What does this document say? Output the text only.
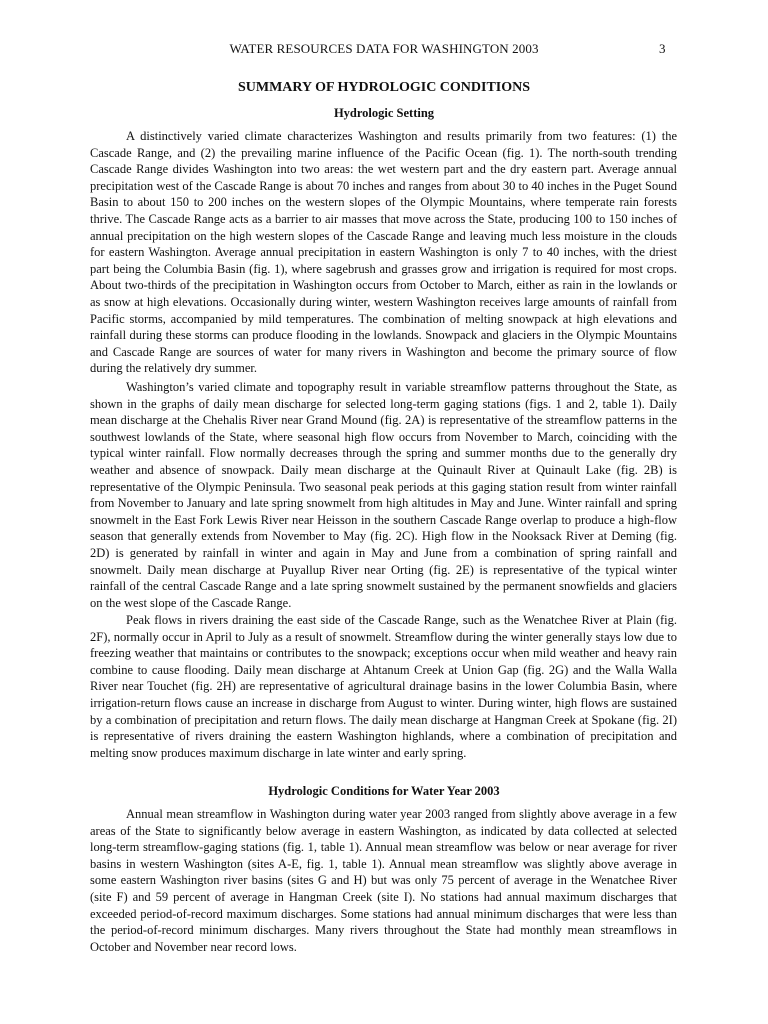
WATER RESOURCES DATA FOR WASHINGTON 2003	3
SUMMARY OF HYDROLOGIC CONDITIONS
Hydrologic Setting

A distinctively varied climate characterizes Washington and results primarily from two features: (1) the Cascade Range, and (2) the prevailing marine influence of the Pacific Ocean (fig. 1). The north-south trending Cascade Range divides Washington into two areas: the wet western part and the dry eastern part. Average annual precipitation west of the Cascade Range is about 70 inches and ranges from about 30 to 40 inches in the Puget Sound Basin to about 150 to 200 inches on the western slopes of the Olympic Mountains, where temperate rain forests thrive. The Cascade Range acts as a barrier to air masses that move across the State, producing 100 to 150 inches of annual precipitation on the high western slopes of the Cascade Range and leaving much less moisture in the clouds for eastern Washington. Average annual precipitation in eastern Washington is only 7 to 40 inches, with the driest part being the Columbia Basin (fig. 1), where sagebrush and grasses grow and irrigation is required for most crops. About two-thirds of the precipitation in Washington occurs from October to March, either as rain in the lowlands or as snow at high elevations. Occasionally during winter, western Washington receives large amounts of rainfall from Pacific storms, accompanied by mild temperatures. The combination of melting snowpack at high elevations and rainfall during these storms can produce flooding in the lowlands. Snowpack and glaciers in the Olympic Mountains and Cascade Range are sources of water for many rivers in Washington and become the primary source of flow during the relatively dry summer.

Washington’s varied climate and topography result in variable streamflow patterns throughout the State, as shown in the graphs of daily mean discharge for selected long-term gaging stations (figs. 1 and 2, table 1). Daily mean discharge at the Chehalis River near Grand Mound (fig. 2A) is representative of the streamflow patterns in the southwest lowlands of the State, where seasonal high flow occurs from November to March, coinciding with the typical winter rainfall. Flow normally decreases through the spring and summer months due to the generally dry weather and absence of snowpack. Daily mean discharge at the Quinault River at Quinault Lake (fig. 2B) is representative of the Olympic Peninsula. Two seasonal peak periods at this gaging station result from winter rainfall from November to January and late spring snowmelt from high altitudes in May and June. Winter rainfall and spring snowmelt in the East Fork Lewis River near Heisson in the southern Cascade Range overlap to produce a high-flow season that generally extends from November to May (fig. 2C). High flow in the Nooksack River at Deming (fig. 2D) is generated by rainfall in winter and again in May and June from a combination of spring rainfall and snowmelt. Daily mean discharge at Puyallup River near Orting (fig. 2E) is representative of the typical winter rainfall of the central Cascade Range and a late spring snowmelt sustained by the permanent snowfields and glaciers on the west slope of the Cascade Range.

Peak flows in rivers draining the east side of the Cascade Range, such as the Wenatchee River at Plain (fig. 2F), normally occur in April to July as a result of snowmelt. Streamflow during the winter generally stays low due to freezing weather that maintains or contributes to the snowpack; exceptions occur when mild weather and heavy rain combine to cause flooding. Daily mean discharge at Ahtanum Creek at Union Gap (fig. 2G) and the Walla Walla River near Touchet (fig. 2H) are representative of agricultural drainage basins in the lower Columbia Basin, where irrigation-return flows cause an increase in discharge from August to winter. During winter, high flows are sustained by a combination of precipitation and return flows. The daily mean discharge at Hangman Creek at Spokane (fig. 2I) is representative of rivers draining the eastern Washington highlands, where a combination of precipitation and melting snow produces maximum discharge in late winter and early spring.

Hydrologic Conditions for Water Year 2003

Annual mean streamflow in Washington during water year 2003 ranged from slightly above average in a few areas of the State to significantly below average in eastern Washington, as indicated by data collected at selected long-term streamflow-gaging stations (fig. 1, table 1). Annual mean streamflow was below or near average for river basins in western Washington (sites A-E, fig. 1, table 1). Annual mean streamflow was slightly above average in some eastern Washington river basins (sites G and H) but was only 75 percent of average in the Wenatchee River (site F) and 59 percent of average in Hangman Creek (site I). No stations had annual maximum discharges that exceeded period-of-record maximum discharges. Some stations had annual minimum discharges that were less than the period-of-record minimum discharges. Many rivers throughout the State had monthly mean streamflows in October and November near record lows.
